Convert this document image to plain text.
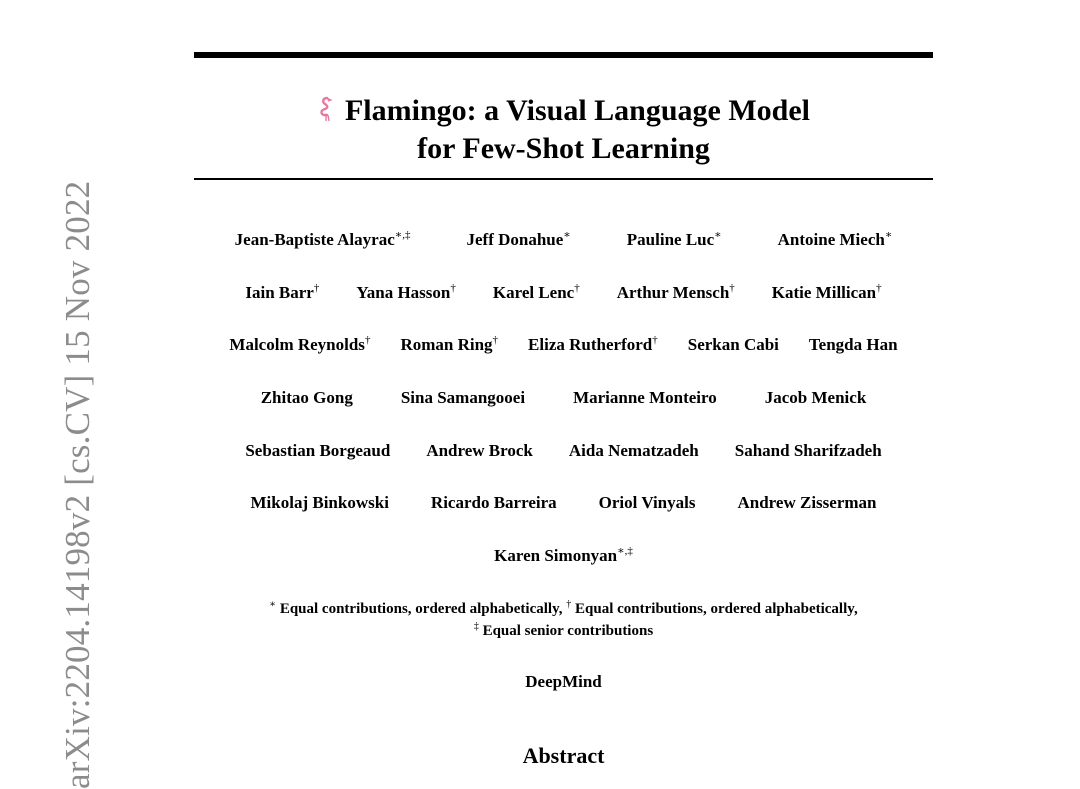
arXiv:2204.14198v2 [cs.CV] 15 Nov 2022
Flamingo: a Visual Language Model
for Few-Shot Learning
Jean-Baptiste Alayrac∗,‡	Jeff Donahue∗	Pauline Luc∗	Antoine Miech∗
Iain Barr† Yana Hasson† Karel Lenc† Arthur Mensch† Katie Millican†
Malcolm Reynolds† Roman Ring† Eliza Rutherford† Serkan Cabi Tengda Han
Zhitao Gong	Sina Samangooei	Marianne Monteiro	Jacob Menick
Sebastian Borgeaud Andrew Brock Aida Nematzadeh Sahand Sharifzadeh
Mikolaj Binkowski Ricardo Barreira Oriol Vinyals Andrew Zisserman
Karen Simonyan∗,‡
∗ Equal contributions, ordered alphabetically, † Equal contributions, ordered alphabetically,
‡ Equal senior contributions
DeepMind
Abstract
